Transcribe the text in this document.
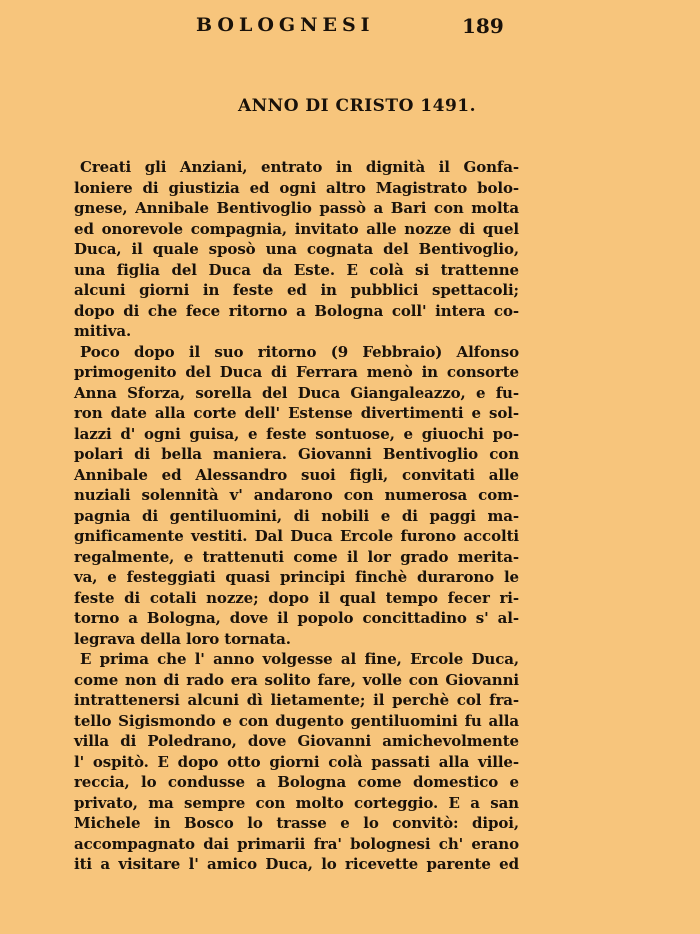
BOLOGNESI	189
ANNO DI CRISTO 1491.
Creati gli Anziani, entrato in dignità il Gonfa-
loniere di giustizia ed ogni altro Magistrato bolo-
gnese, Annibale Bentivoglio passò a Bari con molta
ed onorevole compagnia, invitato alle nozze di quel
Duca, il quale sposò una cognata del Bentivoglio,
una figlia del Duca da Este. E colà si trattenne
alcuni giorni in feste ed in pubblici spettacoli;
dopo di che fece ritorno a Bologna coll' intera co-
mitiva.
Poco dopo il suo ritorno (9 Febbraio) Alfonso
primogenito del Duca di Ferrara menò in consorte
Anna Sforza, sorella del Duca Giangaleazzo, e fu-
ron date alla corte dell' Estense divertimenti e sol-
lazzi d' ogni guisa, e feste sontuose, e giuochi po-
polari di bella maniera. Giovanni Bentivoglio con
Annibale ed Alessandro suoi figli, convitati alle
nuziali solennità v' andarono con numerosa com-
pagnia di gentiluomini, di nobili e di paggi ma-
gnificamente vestiti. Dal Duca Ercole furono accolti
regalmente, e trattenuti come il lor grado merita-
va, e festeggiati quasi principi finchè durarono le
feste di cotali nozze; dopo il qual tempo fecer ri-
torno a Bologna, dove il popolo concittadino s' al-
legrava della loro tornata.
E prima che l' anno volgesse al fine, Ercole Duca,
come non di rado era solito fare, volle con Giovanni
intrattenersi alcuni dì lietamente; il perchè col fra-
tello Sigismondo e con dugento gentiluomini fu alla
villa di Poledrano, dove Giovanni amichevolmente
l' ospitò. E dopo otto giorni colà passati alla ville-
reccia, lo condusse a Bologna come domestico e
privato, ma sempre con molto corteggio. E a san
Michele in Bosco lo trasse e lo convitò: dipoi,
accompagnato dai primarii fra' bolognesi ch' erano
iti a visitare l' amico Duca, lo ricevette parente ed
